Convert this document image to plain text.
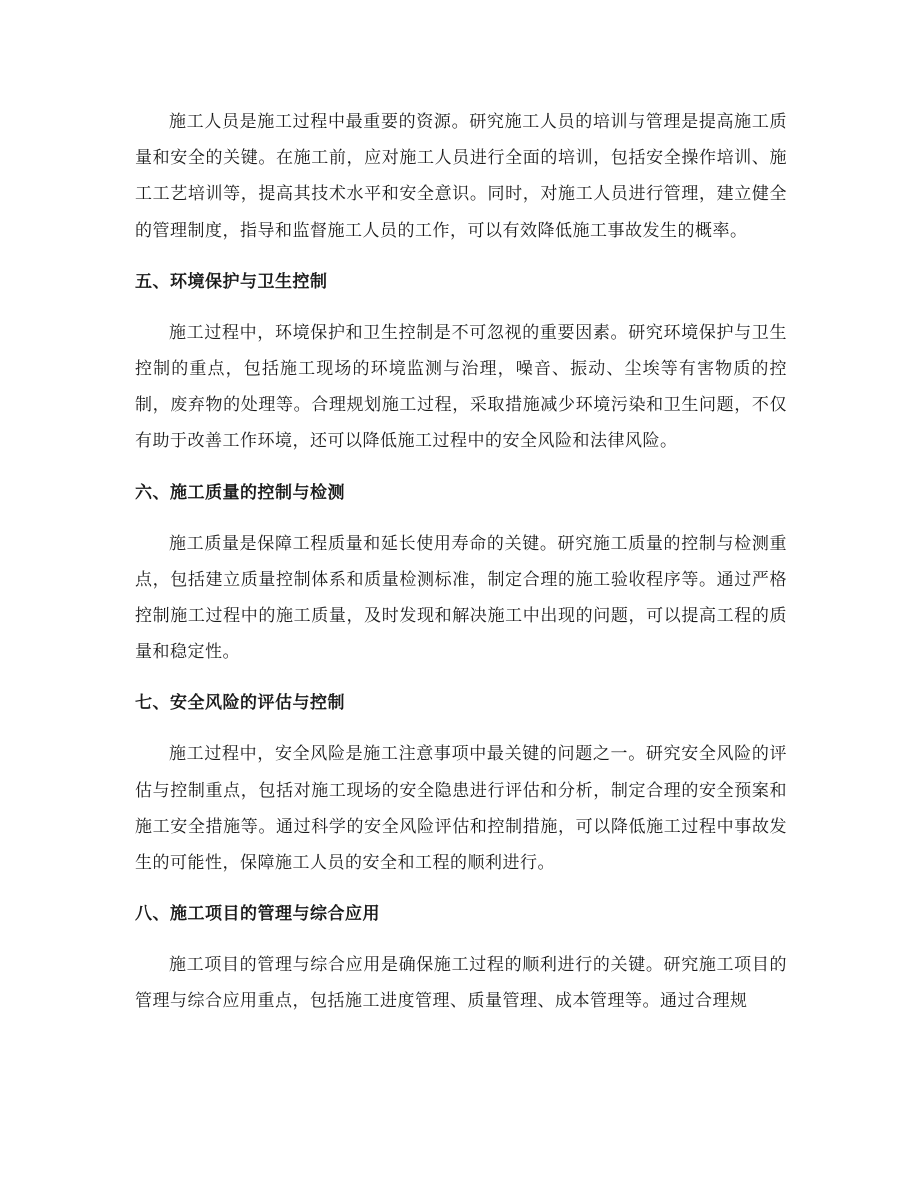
施工人员是施工过程中最重要的资源。研究施工人员的培训与管理是提高施工质量和安全的关键。在施工前，应对施工人员进行全面的培训，包括安全操作培训、施工工艺培训等，提高其技术水平和安全意识。同时，对施工人员进行管理，建立健全的管理制度，指导和监督施工人员的工作，可以有效降低施工事故发生的概率。

五、环境保护与卫生控制

施工过程中，环境保护和卫生控制是不可忽视的重要因素。研究环境保护与卫生控制的重点，包括施工现场的环境监测与治理，噪音、振动、尘埃等有害物质的控制，废弃物的处理等。合理规划施工过程，采取措施减少环境污染和卫生问题，不仅有助于改善工作环境，还可以降低施工过程中的安全风险和法律风险。

六、施工质量的控制与检测

施工质量是保障工程质量和延长使用寿命的关键。研究施工质量的控制与检测重点，包括建立质量控制体系和质量检测标准，制定合理的施工验收程序等。通过严格控制施工过程中的施工质量，及时发现和解决施工中出现的问题，可以提高工程的质量和稳定性。

七、安全风险的评估与控制

施工过程中，安全风险是施工注意事项中最关键的问题之一。研究安全风险的评估与控制重点，包括对施工现场的安全隐患进行评估和分析，制定合理的安全预案和施工安全措施等。通过科学的安全风险评估和控制措施，可以降低施工过程中事故发生的可能性，保障施工人员的安全和工程的顺利进行。

八、施工项目的管理与综合应用

施工项目的管理与综合应用是确保施工过程的顺利进行的关键。研究施工项目的管理与综合应用重点，包括施工进度管理、质量管理、成本管理等。通过合理规
